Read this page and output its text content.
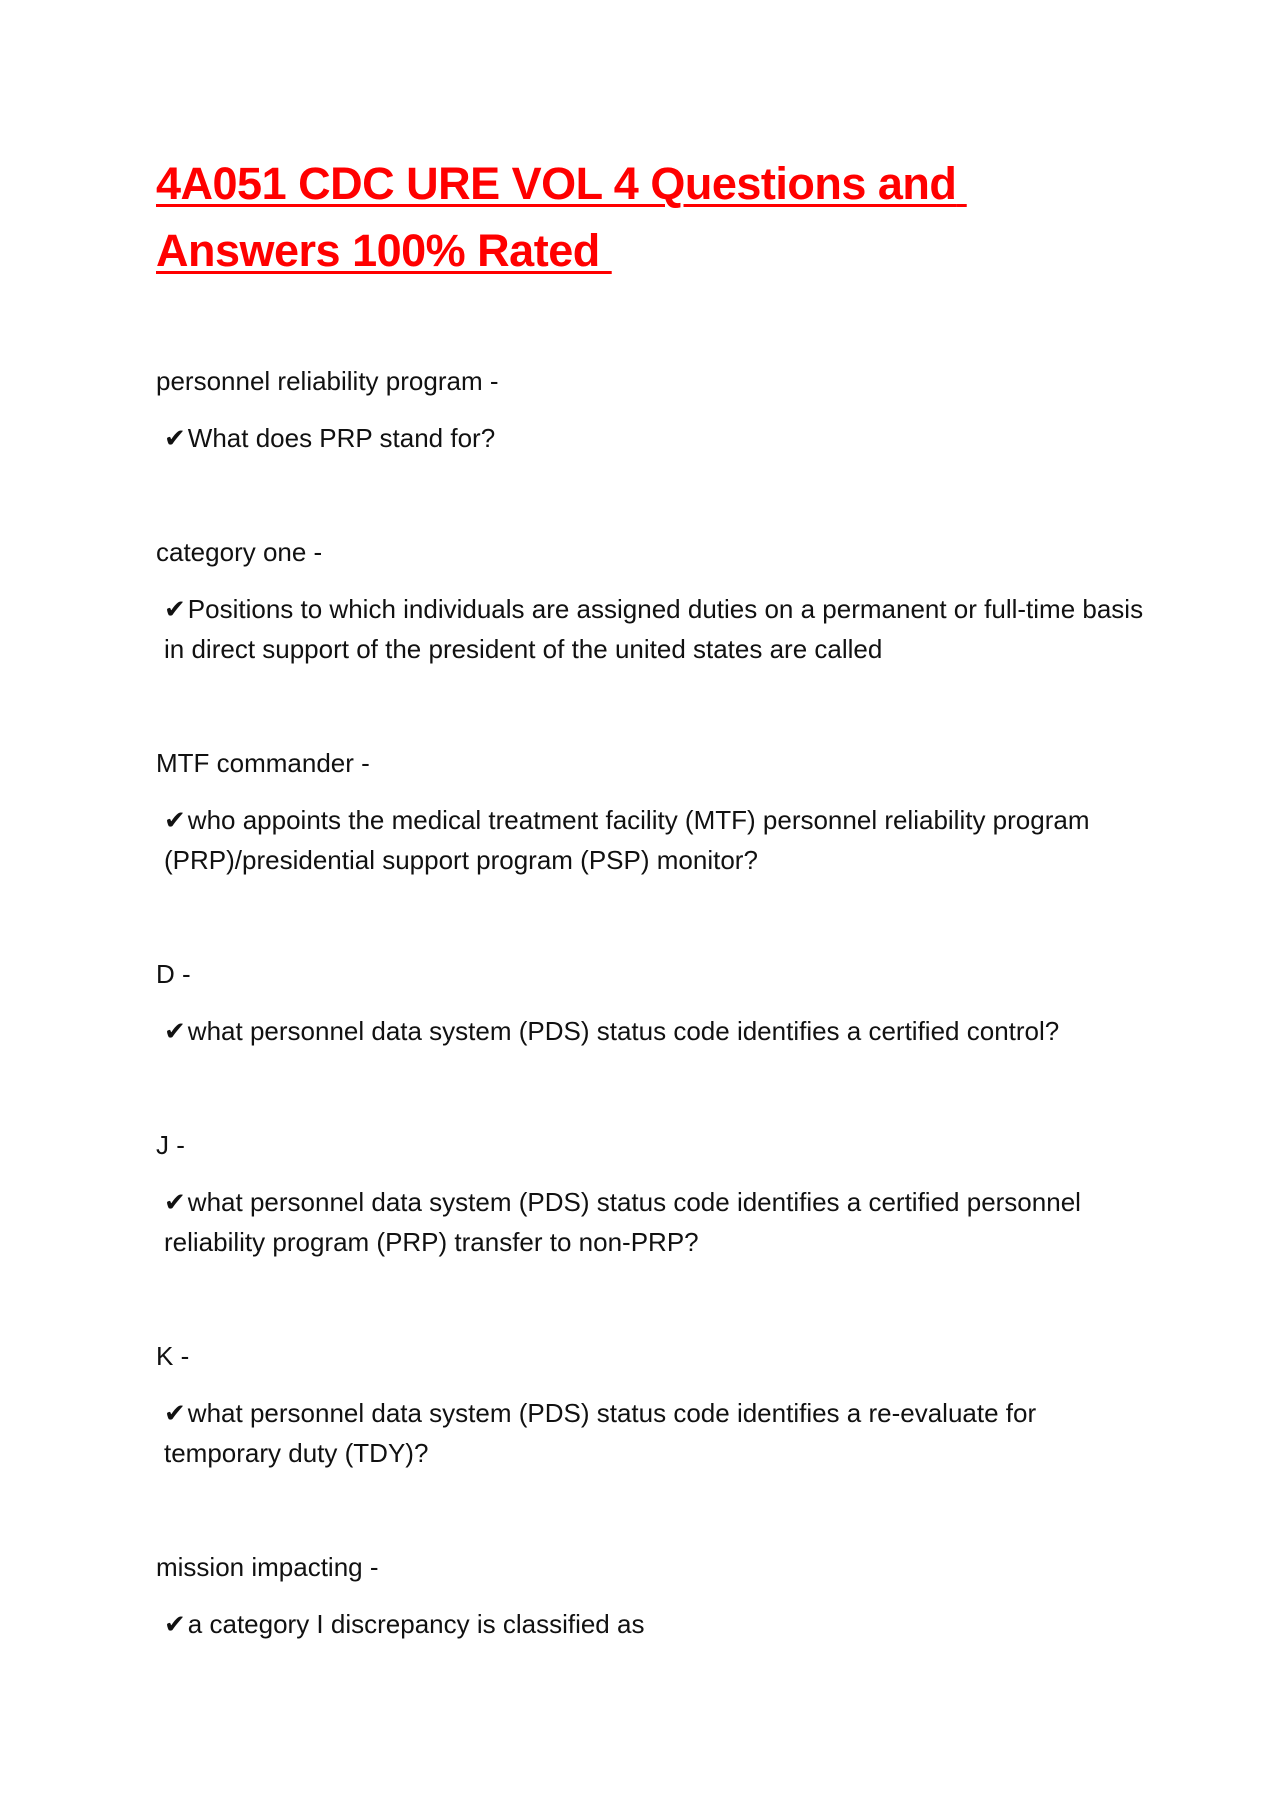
4A051 CDC URE VOL 4 Questions and Answers 100% Rated

personnel reliability program -

✔What does PRP stand for?

category one -

✔Positions to which individuals are assigned duties on a permanent or full-time basis in direct support of the president of the united states are called

MTF commander -

✔who appoints the medical treatment facility (MTF) personnel reliability program (PRP)/presidential support program (PSP) monitor?

D -

✔what personnel data system (PDS) status code identifies a certified control?

J -

✔what personnel data system (PDS) status code identifies a certified personnel reliability program (PRP) transfer to non-PRP?

K -

✔what personnel data system (PDS) status code identifies a re-evaluate for temporary duty (TDY)?

mission impacting -

✔a category I discrepancy is classified as
